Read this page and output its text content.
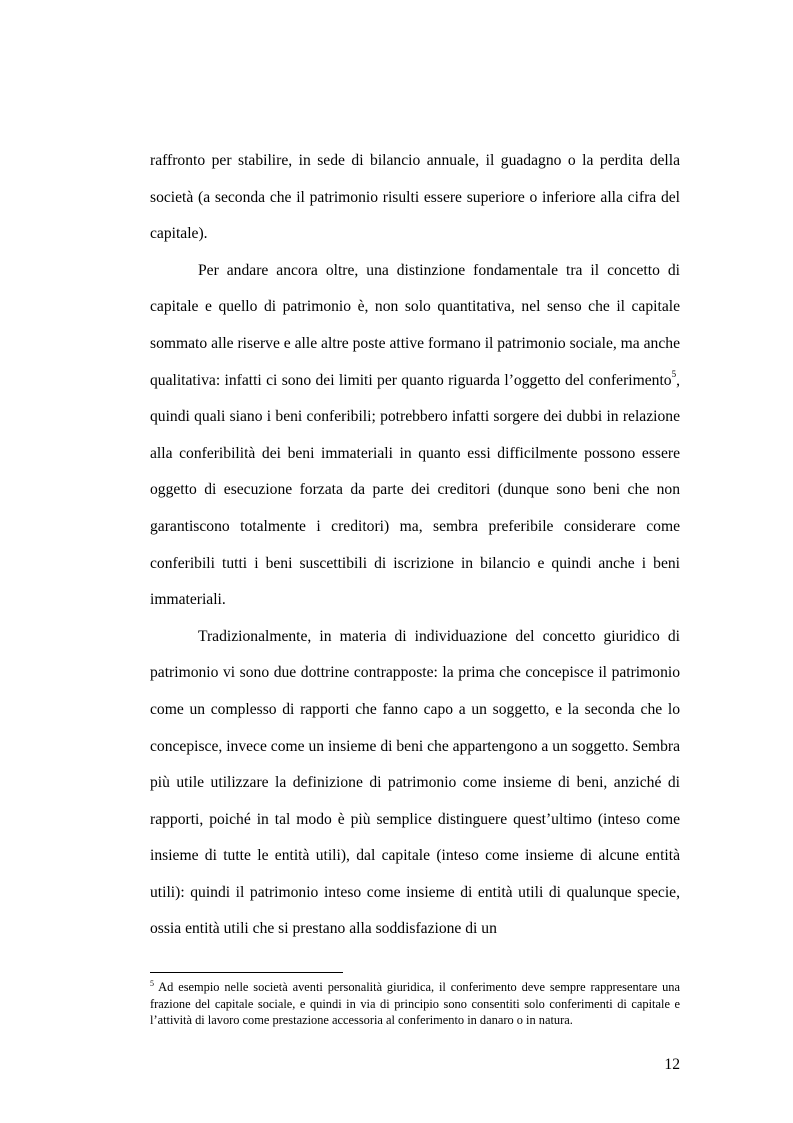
raffronto per stabilire, in sede di bilancio annuale, il guadagno o la perdita della società (a seconda che il patrimonio risulti essere superiore o inferiore alla cifra del capitale).

Per andare ancora oltre, una distinzione fondamentale tra il concetto di capitale e quello di patrimonio è, non solo quantitativa, nel senso che il capitale sommato alle riserve e alle altre poste attive formano il patrimonio sociale, ma anche qualitativa: infatti ci sono dei limiti per quanto riguarda l’oggetto del conferimento$^5$, quindi quali siano i beni conferibili; potrebbero infatti sorgere dei dubbi in relazione alla conferibilità dei beni immateriali in quanto essi difficilmente possono essere oggetto di esecuzione forzata da parte dei creditori (dunque sono beni che non garantiscono totalmente i creditori) ma, sembra preferibile considerare come conferibili tutti i beni suscettibili di iscrizione in bilancio e quindi anche i beni immateriali.

Tradizionalmente, in materia di individuazione del concetto giuridico di patrimonio vi sono due dottrine contrapposte: la prima che concepisce il patrimonio come un complesso di rapporti che fanno capo a un soggetto, e la seconda che lo concepisce, invece come un insieme di beni che appartengono a un soggetto. Sembra più utile utilizzare la definizione di patrimonio come insieme di beni, anziché di rapporti, poiché in tal modo è più semplice distinguere quest’ultimo (inteso come insieme di tutte le entità utili), dal capitale (inteso come insieme di alcune entità utili): quindi il patrimonio inteso come insieme di entità utili di qualunque specie, ossia entità utili che si prestano alla soddisfazione di un

$^5$ Ad esempio nelle società aventi personalità giuridica, il conferimento deve sempre rappresentare una frazione del capitale sociale, e quindi in via di principio sono consentiti solo conferimenti di capitale e l’attività di lavoro come prestazione accessoria al conferimento in danaro o in natura.

12
